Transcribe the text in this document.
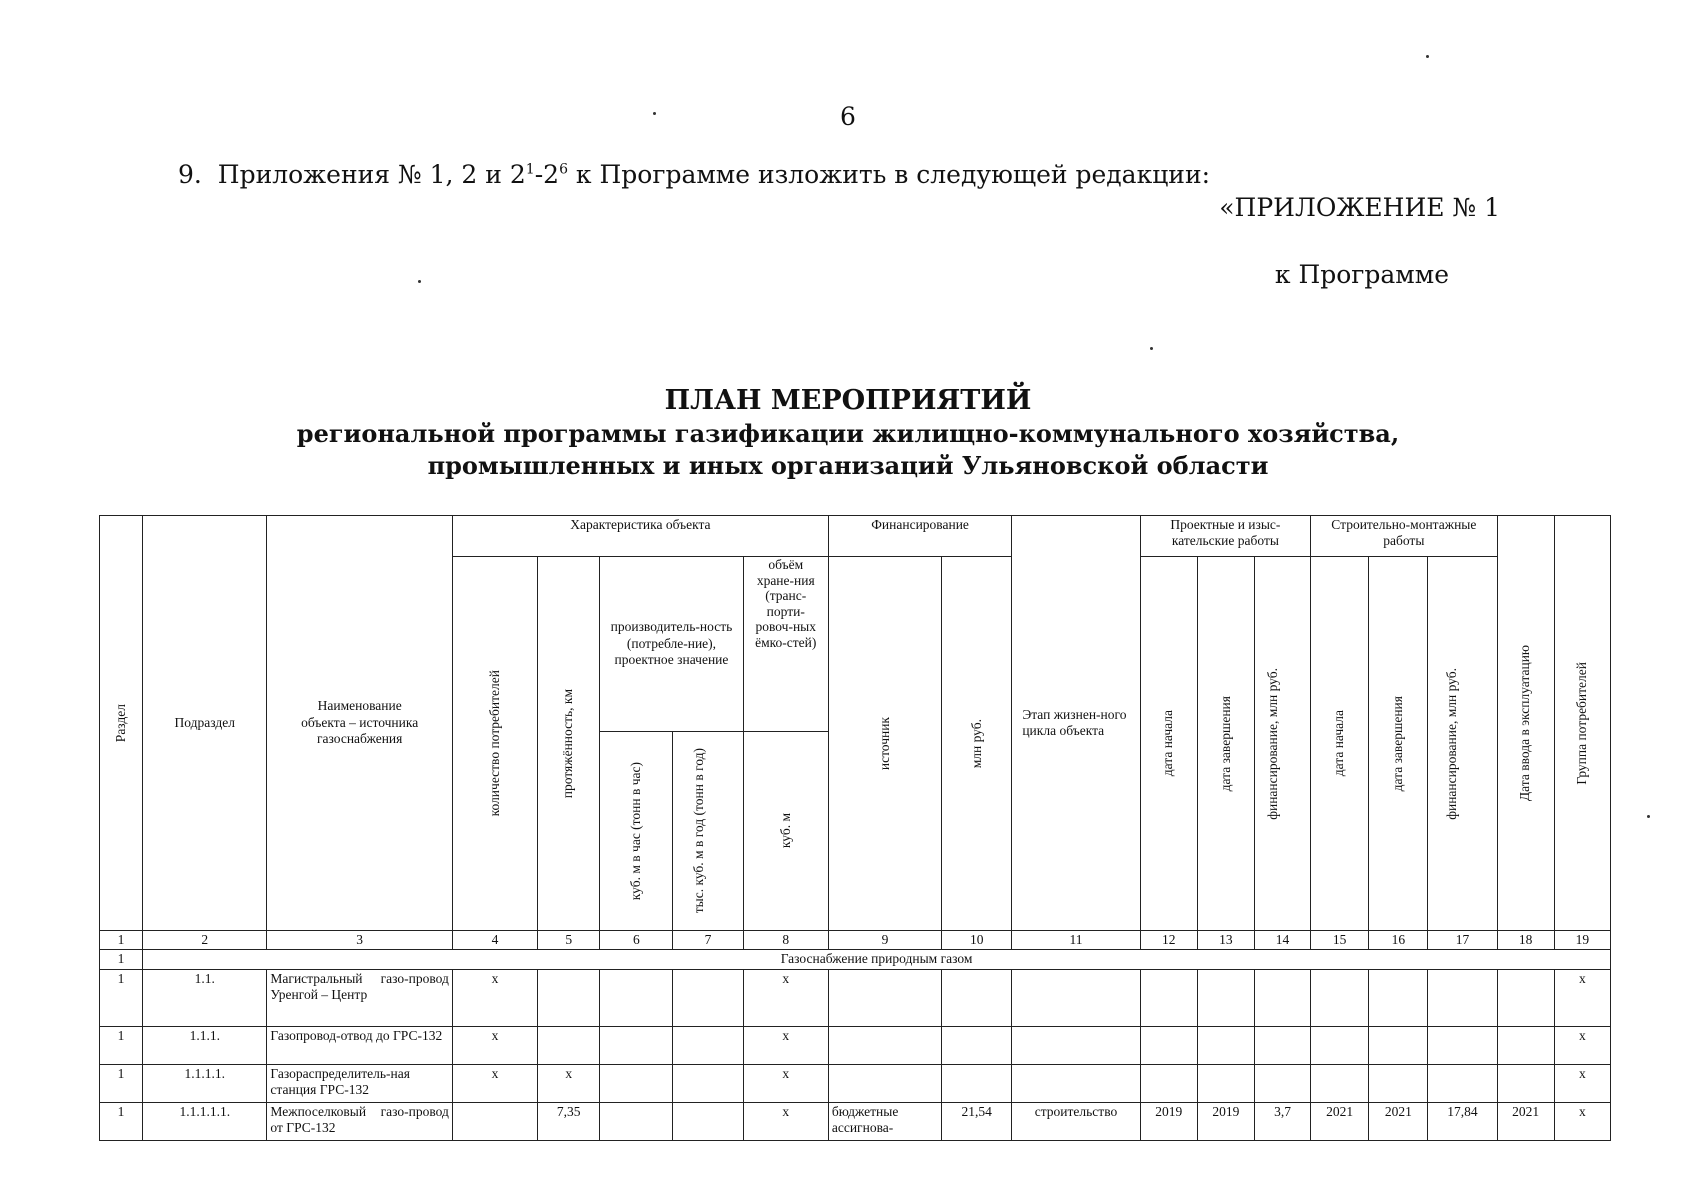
6
9. Приложения № 1, 2 и $2^1-2^6$ к Программе изложить в следующей редакции:
«ПРИЛОЖЕНИЕ № 1
к Программе
ПЛАН МЕРОПРИЯТИЙ
региональной программы газификации жилищно-коммунального хозяйства,
промышленных и иных организаций Ульяновской области
Раздел	Подраздел	Наименование объекта – источника газоснабжения	Характеристика объекта					Финансирование		Этап жизнен-ного цикла объекта	Проектные и изыс-кательские работы			Строительно-монтажные работы			Дата ввода в эксплуатацию	Группа потребителей

			количество потребителей	протяжённость, км	производитель-ность (потребле-ние), проектное значение		объём хране-ния (транс-порти-ровоч-ных ёмко-стей)	источник	млн руб.		дата начала	дата завершения	финансирование, млн руб.	дата начала	дата завершения	финансирование, млн руб.		

					куб. м в час (тонн в час)	тыс. куб. м в год (тонн в год)	куб. м											

1	2	3	4	5	6	7	8	9	10	11	12	13	14	15	16	17	18	19
1	Газоснабжение природным газом																	
1	1.1.	Магистральный газо-провод Уренгой – Центр	х				х											х
1	1.1.1.	Газопровод-отвод до ГРС-132	х				х											х
1	1.1.1.1.	Газораспределитель-ная станция ГРС-132	х	х			х											х
1	1.1.1.1.1.	Межпоселковый газо-провод от ГРС-132		7,35			х	бюджетные ассигнова-	21,54	строительство	2019	2019	3,7	2021	2021	17,84	2021	х
